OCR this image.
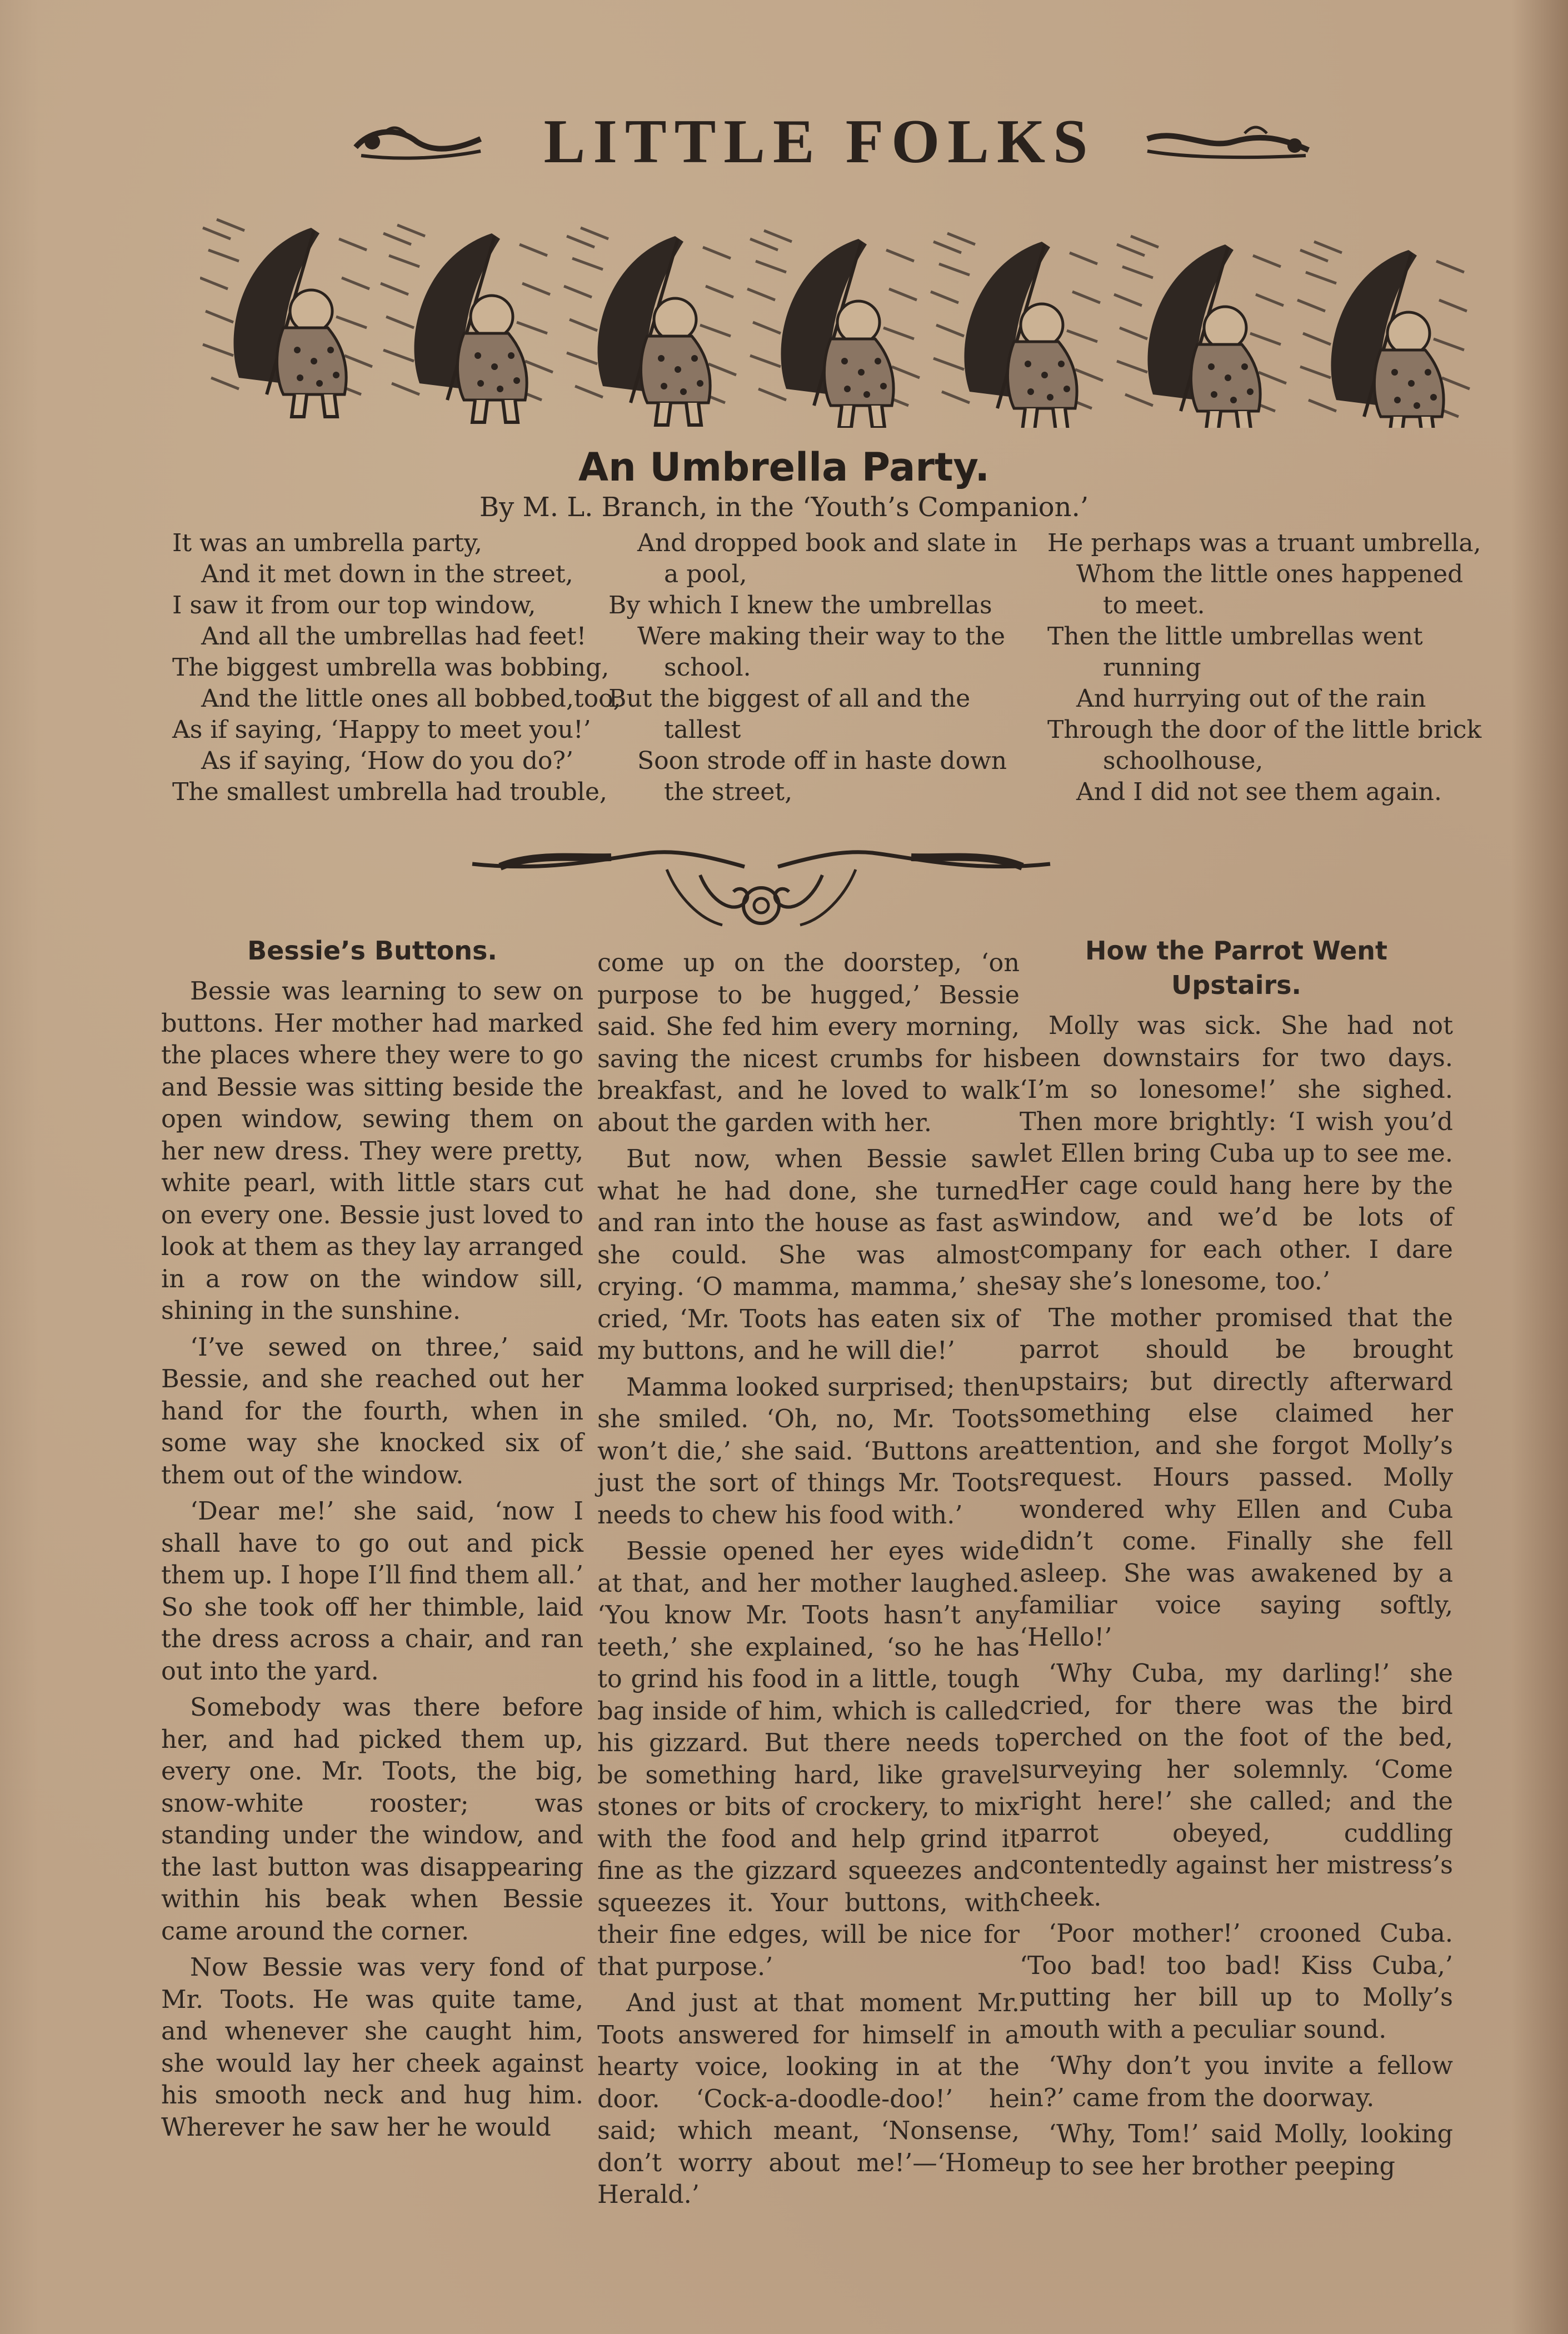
LITTLE FOLKS
An Umbrella Party.
By M. L. Branch, in the ‘Youth’s Companion.’
It was an umbrella party,
And it met down in the street,
I saw it from our top window,
And all the umbrellas had feet!
The biggest umbrella was bobbing,
And the little ones all bobbed,too,
As if saying, ‘Happy to meet you!’
As if saying, ‘How do you do?’
The smallest umbrella had trouble,
And dropped book and slate in
a pool,
By which I knew the umbrellas
Were making their way to the
school.
But the biggest of all and the
tallest
Soon strode off in haste down
the street,
He perhaps was a truant umbrella,
Whom the little ones happened
to meet.
Then the little umbrellas went
running
And hurrying out of the rain
Through the door of the little brick
schoolhouse,
And I did not see them again.
Bessie’s Buttons.

Bessie was learning to sew on buttons. Her mother had marked the places where they were to go and Bessie was sitting beside the open window, sewing them on her new dress. They were pretty, white pearl, with little stars cut on every one. Bessie just loved to look at them as they lay arranged in a row on the window sill, shining in the sunshine.

‘I’ve sewed on three,’ said Bessie, and she reached out her hand for the fourth, when in some way she knocked six of them out of the window.

‘Dear me!’ she said, ‘now I shall have to go out and pick them up. I hope I’ll find them all.’ So she took off her thimble, laid the dress across a chair, and ran out into the yard.

Somebody was there before her, and had picked them up, every one. Mr. Toots, the big, snow-white rooster; was standing under the window, and the last button was disappearing within his beak when Bessie came around the corner.

Now Bessie was very fond of Mr. Toots. He was quite tame, and whenever she caught him, she would lay her cheek against his smooth neck and hug him. Wherever he saw her he would

come up on the doorstep, ‘on purpose to be hugged,’ Bessie said. She fed him every morning, saving the nicest crumbs for his breakfast, and he loved to walk about the garden with her.

But now, when Bessie saw what he had done, she turned and ran into the house as fast as she could. She was almost crying. ‘O mamma, mamma,’ she cried, ‘Mr. Toots has eaten six of my buttons, and he will die!’

Mamma looked surprised; then she smiled. ‘Oh, no, Mr. Toots won’t die,’ she said. ‘Buttons are just the sort of things Mr. Toots needs to chew his food with.’

Bessie opened her eyes wide at that, and her mother laughed. ‘You know Mr. Toots hasn’t any teeth,’ she explained, ‘so he has to grind his food in a little, tough bag inside of him, which is called his gizzard. But there needs to be something hard, like gravel stones or bits of crockery, to mix with the food and help grind it fine as the gizzard squeezes and squeezes it. Your buttons, with their fine edges, will be nice for that purpose.’

And just at that moment Mr. Toots answered for himself in a hearty voice, looking in at the door. ‘Cock-a-doodle-doo!’ he said; which meant, ‘Nonsense, don’t worry about me!’—‘Home Herald.’

How the Parrot Went Upstairs.

Molly was sick. She had not been downstairs for two days. ‘I’m so lonesome!’ she sighed. Then more brightly: ‘I wish you’d let Ellen bring Cuba up to see me. Her cage could hang here by the window, and we’d be lots of company for each other. I dare say she’s lonesome, too.’

The mother promised that the parrot should be brought upstairs; but directly afterward something else claimed her attention, and she forgot Molly’s request. Hours passed. Molly wondered why Ellen and Cuba didn’t come. Finally she fell asleep. She was awakened by a familiar voice saying softly, ‘Hello!’

‘Why Cuba, my darling!’ she cried, for there was the bird perched on the foot of the bed, surveying her solemnly. ‘Come right here!’ she called; and the parrot obeyed, cuddling contentedly against her mistress’s cheek.

‘Poor mother!’ crooned Cuba. ‘Too bad! too bad! Kiss Cuba,’ putting her bill up to Molly’s mouth with a peculiar sound.

‘Why don’t you invite a fellow in?’ came from the doorway.

‘Why, Tom!’ said Molly, looking up to see her brother peeping
